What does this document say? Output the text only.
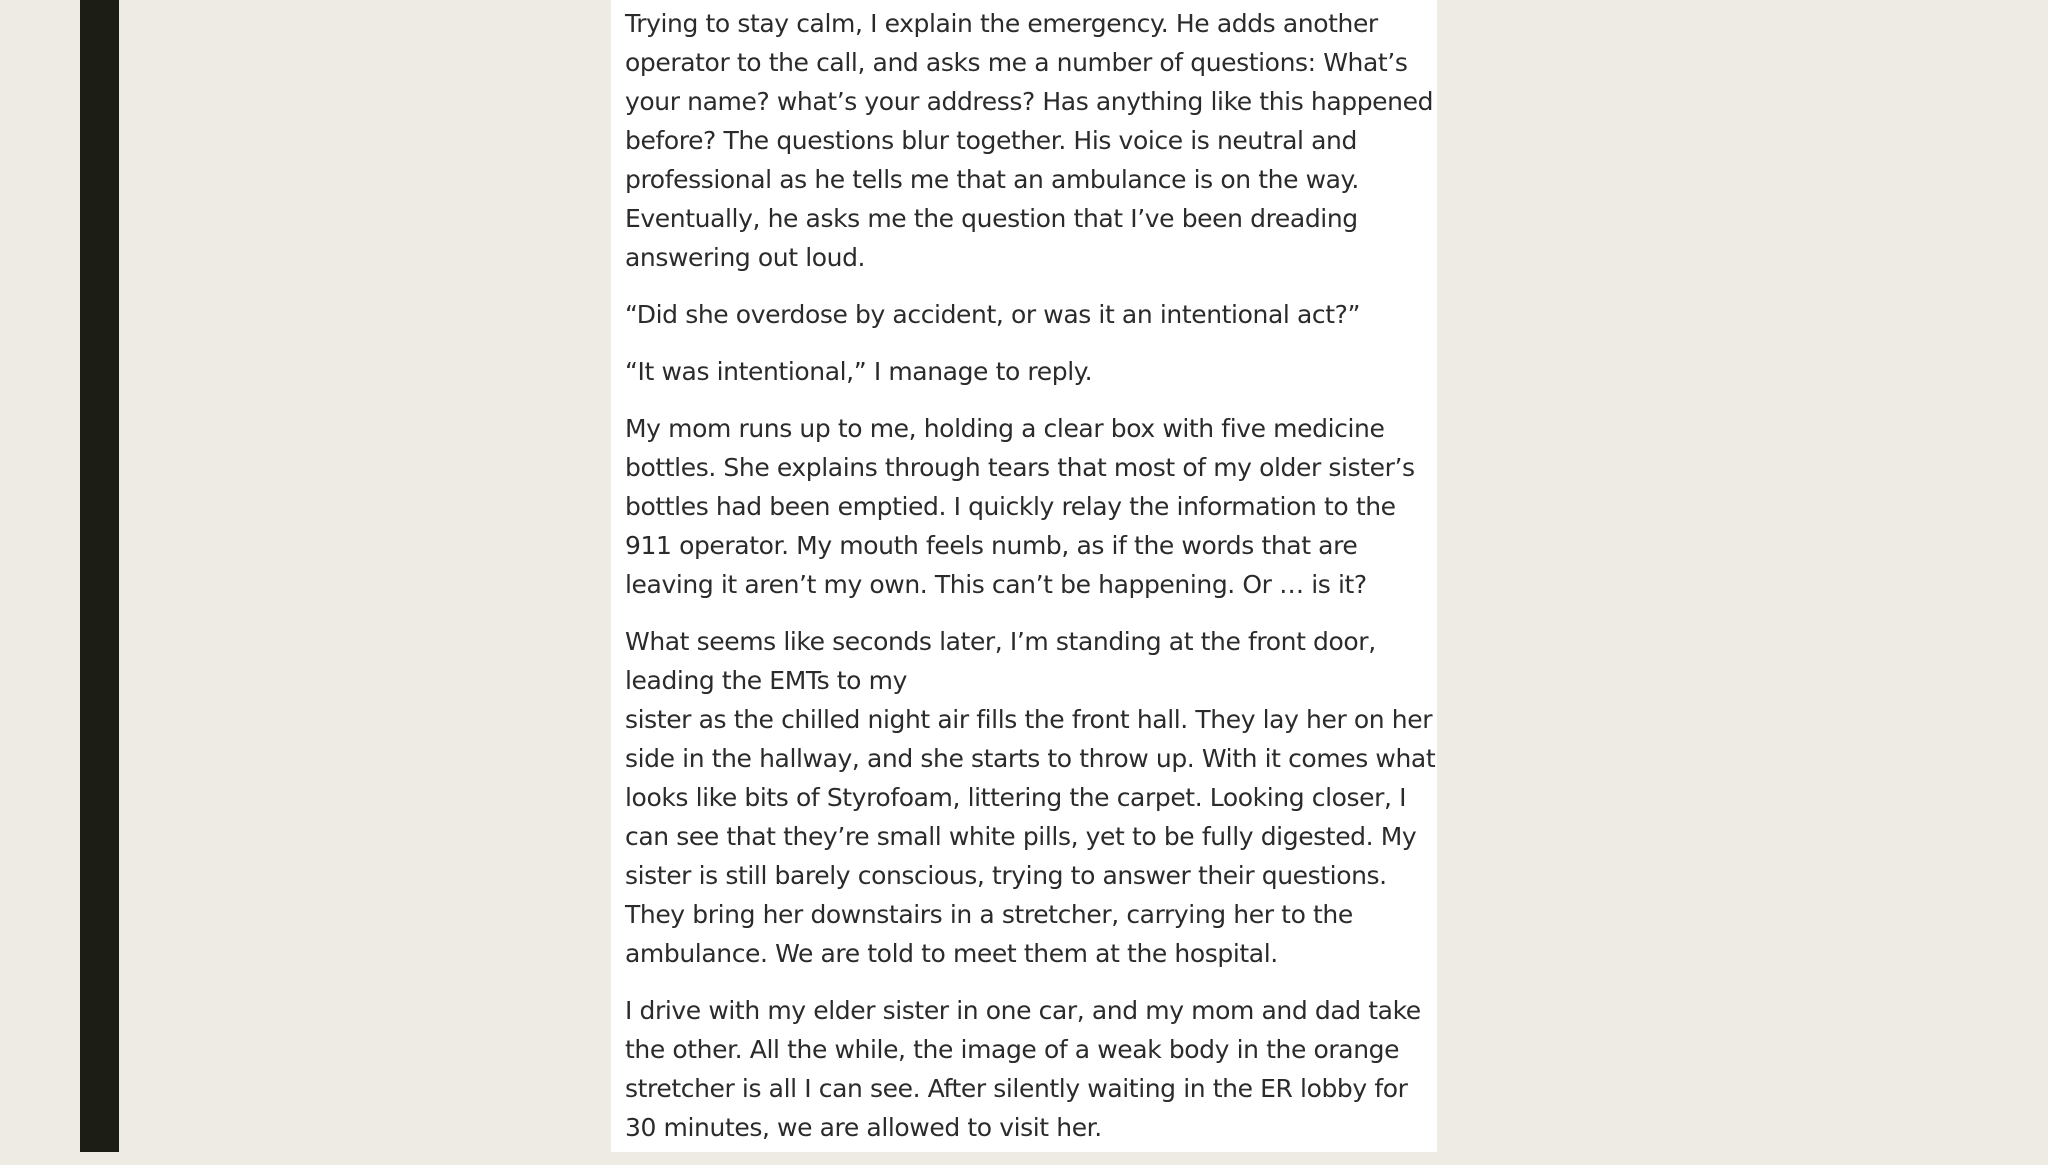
Trying to stay calm, I explain the emergency. He adds another operator to the call, and asks me a number of questions: What’s your name? what’s your address? Has anything like this happened before? The questions blur together. His voice is neutral and professional as he tells me that an ambulance is on the way. Eventually, he asks me the question that I’ve been dreading answering out loud.

“Did she overdose by accident, or was it an intentional act?”

“It was intentional,” I manage to reply.

My mom runs up to me, holding a clear box with five medicine bottles. She explains through tears that most of my older sister’s bottles had been emptied. I quickly relay the information to the 911 operator. My mouth feels numb, as if the words that are leaving it aren’t my own. This can’t be happening. Or … is it?

What seems like seconds later, I’m standing at the front door, leading the EMTs to my
sister as the chilled night air fills the front hall. They lay her on her side in the hallway, and she starts to throw up. With it comes what looks like bits of Styrofoam, littering the carpet. Looking closer, I can see that they’re small white pills, yet to be fully digested. My sister is still barely conscious, trying to answer their questions. They bring her downstairs in a stretcher, carrying her to the ambulance. We are told to meet them at the hospital.

I drive with my elder sister in one car, and my mom and dad take the other. All the while, the image of a weak body in the orange stretcher is all I can see. After silently waiting in the ER lobby for 30 minutes, we are allowed to visit her.
